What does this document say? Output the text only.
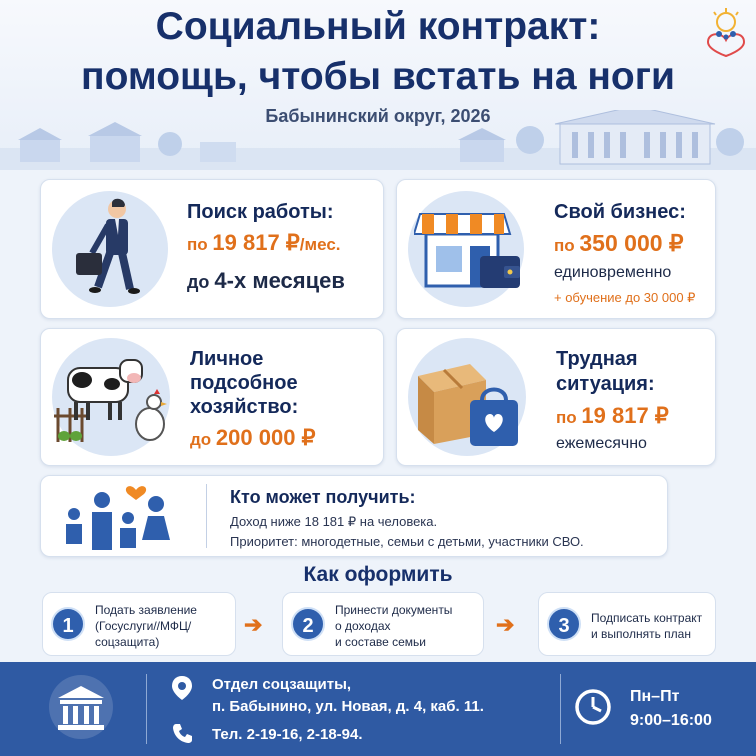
Социальный контракт:
помощь, чтобы встать на ноги
Бабынинский округ, 2026
Поиск работы:
по 19 817 ₽/мес.
до 4-х месяцев
Свой бизнес:
по 350 000 ₽
единовременно
+ обучение до 30 000 ₽
Личное
подсобное
хозяйство:
до 200 000 ₽
Трудная
ситуация:
по 19 817 ₽
ежемесячно
Кто может получить:
Доход ниже 18 181 ₽ на человека.
Приоритет: многодетные, семьи с детьми, участники СВО.
Как оформить
1
Подать заявление
(Госуслуги//МФЦ/
соцзащита)
➔	2
Принести документы
о доходах
и составе семьи
➔	3	Подписать контракт
и выполнять план
Отдел соцзащиты,
п. Бабынино, ул. Новая, д. 4, каб. 11.
Тел. 2-19-16, 2-18-94.
Пн–Пт
9:00–16:00
